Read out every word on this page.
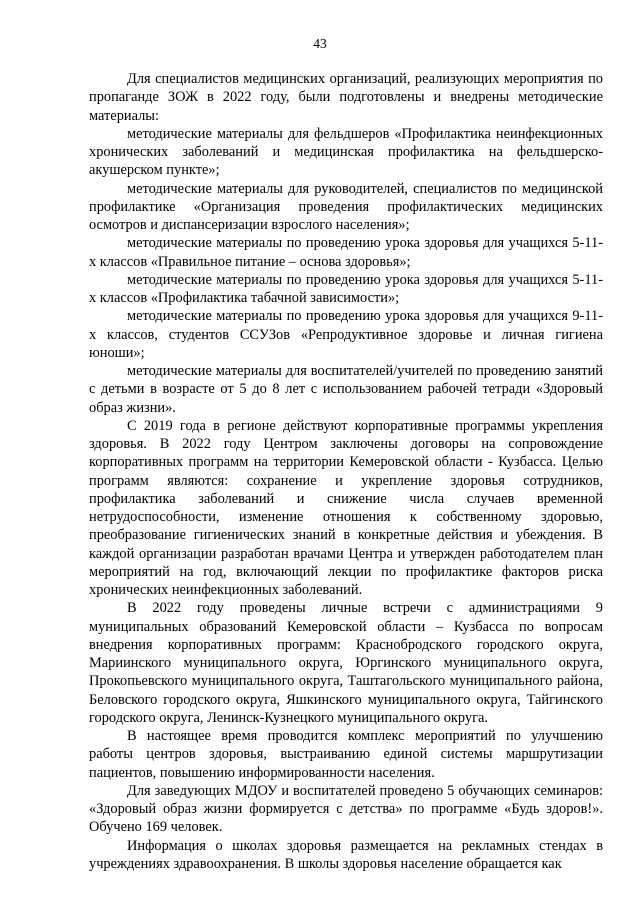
43

Для специалистов медицинских организаций, реализующих мероприятия по пропаганде ЗОЖ в 2022 году, были подготовлены и внедрены методические материалы:

методические материалы для фельдшеров «Профилактика неинфекционных хронических заболеваний и медицинская профилактика на фельдшерско-акушерском пункте»;

методические материалы для руководителей, специалистов по медицинской профилактике «Организация проведения профилактических медицинских осмотров и диспансеризации взрослого населения»;

методические материалы по проведению урока здоровья для учащихся 5-11-х классов «Правильное питание – основа здоровья»;

методические материалы по проведению урока здоровья для учащихся 5-11-х классов «Профилактика табачной зависимости»;

методические материалы по проведению урока здоровья для учащихся 9-11-х классов, студентов ССУЗов «Репродуктивное здоровье и личная гигиена юноши»;

методические материалы для воспитателей/учителей по проведению занятий с детьми в возрасте от 5 до 8 лет с использованием рабочей тетради «Здоровый образ жизни».

С 2019 года в регионе действуют корпоративные программы укрепления здоровья. В 2022 году Центром заключены договоры на сопровождение корпоративных программ на территории Кемеровской области - Кузбасса. Целью программ являются: сохранение и укрепление здоровья сотрудников, профилактика заболеваний и снижение числа случаев временной нетрудоспособности, изменение отношения к собственному здоровью, преобразование гигиенических знаний в конкретные действия и убеждения. В каждой организации разработан врачами Центра и утвержден работодателем план мероприятий на год, включающий лекции по профилактике факторов риска хронических неинфекционных заболеваний.

В 2022 году проведены личные встречи с администрациями 9 муниципальных образований Кемеровской области – Кузбасса по вопросам внедрения корпоративных программ: Краснобродского городского округа, Мариинского муниципального округа, Юргинского муниципального округа, Прокопьевского муниципального округа, Таштагольского муниципального района, Беловского городского округа, Яшкинского муниципального округа, Тайгинского городского округа, Ленинск-Кузнецкого муниципального округа.

В настоящее время проводится комплекс мероприятий по улучшению работы центров здоровья, выстраиванию единой системы маршрутизации пациентов, повышению информированности населения.

Для заведующих МДОУ и воспитателей проведено 5 обучающих семинаров: «Здоровый образ жизни формируется с детства» по программе «Будь здоров!». Обучено 169 человек.

Информация о школах здоровья размещается на рекламных стендах в учреждениях здравоохранения. В школы здоровья население обращается как
